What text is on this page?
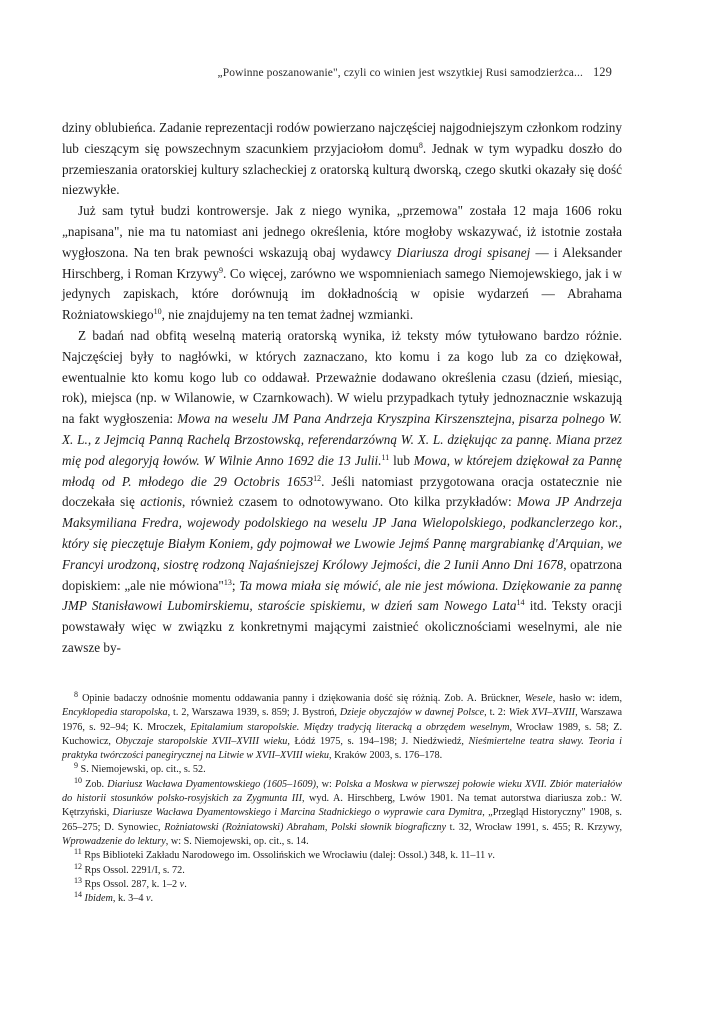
„Powinne poszanowanie", czyli co winien jest wszytkiej Rusi samodzierżca... 129

dziny oblubieńca. Zadanie reprezentacji rodów powierzano najczęściej najgodniejszym członkom rodziny lub cieszącym się powszechnym szacunkiem przyjaciołom domu$^8$. Jednak w tym wypadku doszło do przemieszania oratorskiej kultury szlacheckiej z oratorską kulturą dworską, czego skutki okazały się dość niezwykłe.

Już sam tytuł budzi kontrowersje. Jak z niego wynika, „przemowa" została 12 maja 1606 roku „napisana", nie ma tu natomiast ani jednego określenia, które mogłoby wskazywać, iż istotnie została wygłoszona. Na ten brak pewności wskazują obaj wydawcy Diariusza drogi spisanej — i Aleksander Hirschberg, i Roman Krzywy$^9$. Co więcej, zarówno we wspomnieniach samego Niemojewskiego, jak i w jedynych zapiskach, które dorównują im dokładnością w opisie wydarzeń — Abrahama Rożniatowskiego$^{10}$, nie znajdujemy na ten temat żadnej wzmianki.

Z badań nad obfitą weselną materią oratorską wynika, iż teksty mów tytułowano bardzo różnie. Najczęściej były to nagłówki, w których zaznaczano, kto komu i za kogo lub za co dziękował, ewentualnie kto komu kogo lub co oddawał. Przeważnie dodawano określenia czasu (dzień, miesiąc, rok), miejsca (np. w Wilanowie, w Czarnkowach). W wielu przypadkach tytuły jednoznacznie wskazują na fakt wygłoszenia: Mowa na weselu JM Pana Andrzeja Kryszpina Kirszensztejna, pisarza polnego W. X. L., z Jejmcią Panną Rachelą Brzostowską, referendarzówną W. X. L. dziękując za pannę. Miana przez mię pod alegoryją łowów. W Wilnie Anno 1692 die 13 Julii.$^{11}$ lub Mowa, w którejem dziękował za Pannę młodą od P. młodego die 29 Octobris 1653$^{12}$. Jeśli natomiast przygotowana oracja ostatecznie nie doczekała się actionis, również czasem to odnotowywano. Oto kilka przykładów: Mowa JP Andrzeja Maksymiliana Fredra, wojewody podolskiego na weselu JP Jana Wielopolskiego, podkanclerzego kor., który się pieczętuje Białym Koniem, gdy pojmował we Lwowie Jejmś Pannę margrabiankę d'Arquian, we Francyi urodzoną, siostrę rodzoną Najaśniejszej Królowy Jejmości, die 2 Iunii Anno Dni 1678, opatrzona dopiskiem: „ale nie mówiona"$^{13}$; Ta mowa miała się mówić, ale nie jest mówiona. Dziękowanie za pannę JMP Stanisławowi Lubomirskiemu, staroście spiskiemu, w dzień sam Nowego Lata$^{14}$ itd. Teksty oracji powstawały więc w związku z konkretnymi mającymi zaistnieć okolicznościami weselnymi, ale nie zawsze by-

$^8$ Opinie badaczy odnośnie momentu oddawania panny i dziękowania dość się różnią. Zob. A. Brückner, Wesele, hasło w: idem, Encyklopedia staropolska, t. 2, Warszawa 1939, s. 859; J. Bystroń, Dzieje obyczajów w dawnej Polsce, t. 2: Wiek XVI–XVIII, Warszawa 1976, s. 92–94; K. Mroczek, Epitalamium staropolskie. Między tradycją literacką a obrzędem weselnym, Wrocław 1989, s. 58; Z. Kuchowicz, Obyczaje staropolskie XVII–XVIII wieku, Łódź 1975, s. 194–198; J. Niedźwiedź, Nieśmiertelne teatra sławy. Teoria i praktyka twórczości panegirycznej na Litwie w XVII–XVIII wieku, Kraków 2003, s. 176–178.

$^9$ S. Niemojewski, op. cit., s. 52.

$^{10}$ Zob. Diariusz Wacława Dyamentowskiego (1605–1609), w: Polska a Moskwa w pierwszej połowie wieku XVII. Zbiór materiałów do historii stosunków polsko-rosyjskich za Zygmunta III, wyd. A. Hirschberg, Lwów 1901. Na temat autorstwa diariusza zob.: W. Kętrzyński, Diariusze Wacława Dyamentowskiego i Marcina Stadnickiego o wyprawie cara Dymitra, „Przegląd Historyczny" 1908, s. 265–275; D. Synowiec, Rożniatowski (Rożniatowski) Abraham, Polski słownik biograficzny t. 32, Wrocław 1991, s. 455; R. Krzywy, Wprowadzenie do lektury, w: S. Niemojewski, op. cit., s. 14.

$^{11}$ Rps Biblioteki Zakładu Narodowego im. Ossolińskich we Wrocławiu (dalej: Ossol.) 348, k. 11–11 v.

$^{12}$ Rps Ossol. 2291/I, s. 72.

$^{13}$ Rps Ossol. 287, k. 1–2 v.

$^{14}$ Ibidem, k. 3–4 v.
